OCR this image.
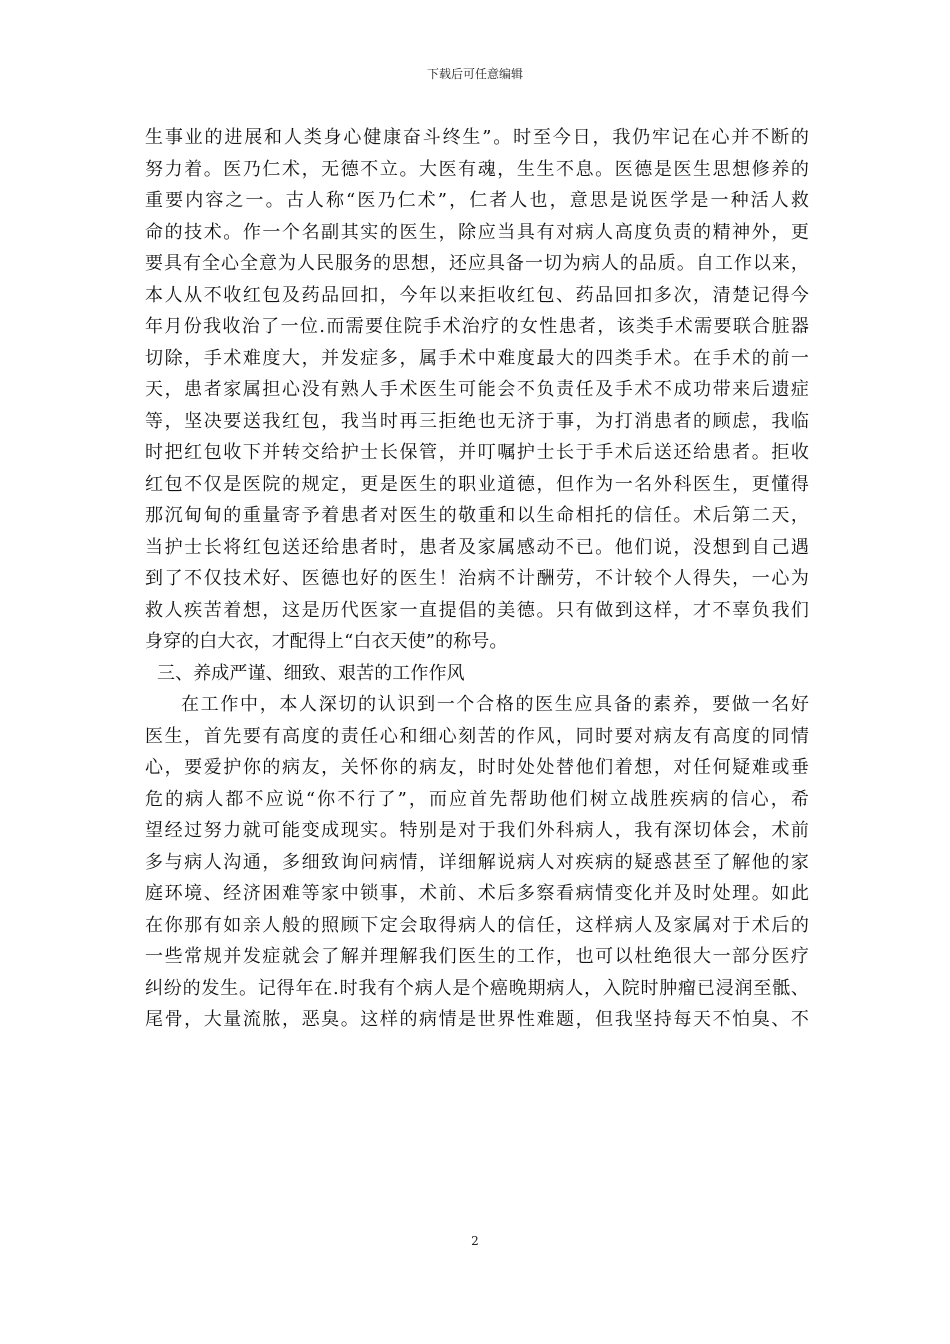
下载后可任意编辑
生事业的进展和人类身心健康奋斗终生”。时至今日，我仍牢记在心并不断的
努力着。医乃仁术，无德不立。大医有魂，生生不息。医德是医生思想修养的
重要内容之一。古人称“医乃仁术”，仁者人也，意思是说医学是一种活人救
命的技术。作一个名副其实的医生，除应当具有对病人高度负责的精神外，更
要具有全心全意为人民服务的思想，还应具备一切为病人的品质。自工作以来，
本人从不收红包及药品回扣，今年以来拒收红包、药品回扣多次，清楚记得今
年月份我收治了一位.而需要住院手术治疗的女性患者，该类手术需要联合脏器
切除，手术难度大，并发症多，属手术中难度最大的四类手术。在手术的前一
天，患者家属担心没有熟人手术医生可能会不负责任及手术不成功带来后遗症
等，坚决要送我红包，我当时再三拒绝也无济于事，为打消患者的顾虑，我临
时把红包收下并转交给护士长保管，并叮嘱护士长于手术后送还给患者。拒收
红包不仅是医院的规定，更是医生的职业道德，但作为一名外科医生，更懂得
那沉甸甸的重量寄予着患者对医生的敬重和以生命相托的信任。术后第二天，
当护士长将红包送还给患者时，患者及家属感动不已。他们说，没想到自己遇
到了不仅技术好、医德也好的医生！治病不计酬劳，不计较个人得失，一心为
救人疾苦着想，这是历代医家一直提倡的美德。只有做到这样，才不辜负我们
身穿的白大衣，才配得上“白衣天使”的称号。
三、养成严谨、细致、艰苦的工作作风
在工作中，本人深切的认识到一个合格的医生应具备的素养，要做一名好
医生，首先要有高度的责任心和细心刻苦的作风，同时要对病友有高度的同情
心，要爱护你的病友，关怀你的病友，时时处处替他们着想，对任何疑难或垂
危的病人都不应说“你不行了”，而应首先帮助他们树立战胜疾病的信心，希
望经过努力就可能变成现实。特别是对于我们外科病人，我有深切体会，术前
多与病人沟通，多细致询问病情，详细解说病人对疾病的疑惑甚至了解他的家
庭环境、经济困难等家中锁事，术前、术后多察看病情变化并及时处理。如此
在你那有如亲人般的照顾下定会取得病人的信任，这样病人及家属对于术后的
一些常规并发症就会了解并理解我们医生的工作，也可以杜绝很大一部分医疗
纠纷的发生。记得年在.时我有个病人是个癌晚期病人，入院时肿瘤已浸润至骶、
尾骨，大量流脓，恶臭。这样的病情是世界性难题，但我坚持每天不怕臭、不
2
